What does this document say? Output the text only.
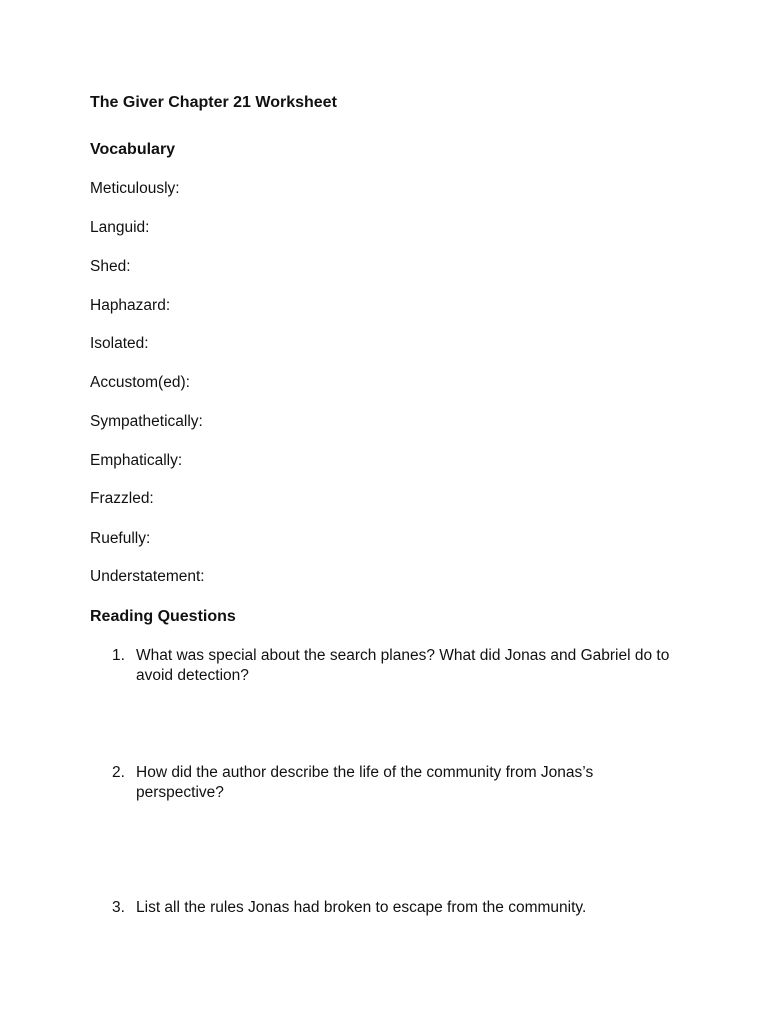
The Giver Chapter 21 Worksheet
Vocabulary
Meticulously:
Languid:
Shed:
Haphazard:
Isolated:
Accustom(ed):
Sympathetically:
Emphatically:
Frazzled:
Ruefully:
Understatement:
Reading Questions
1. What was special about the search planes? What did Jonas and Gabriel do to avoid detection?
2. How did the author describe the life of the community from Jonas’s perspective?
3. List all the rules Jonas had broken to escape from the community.
